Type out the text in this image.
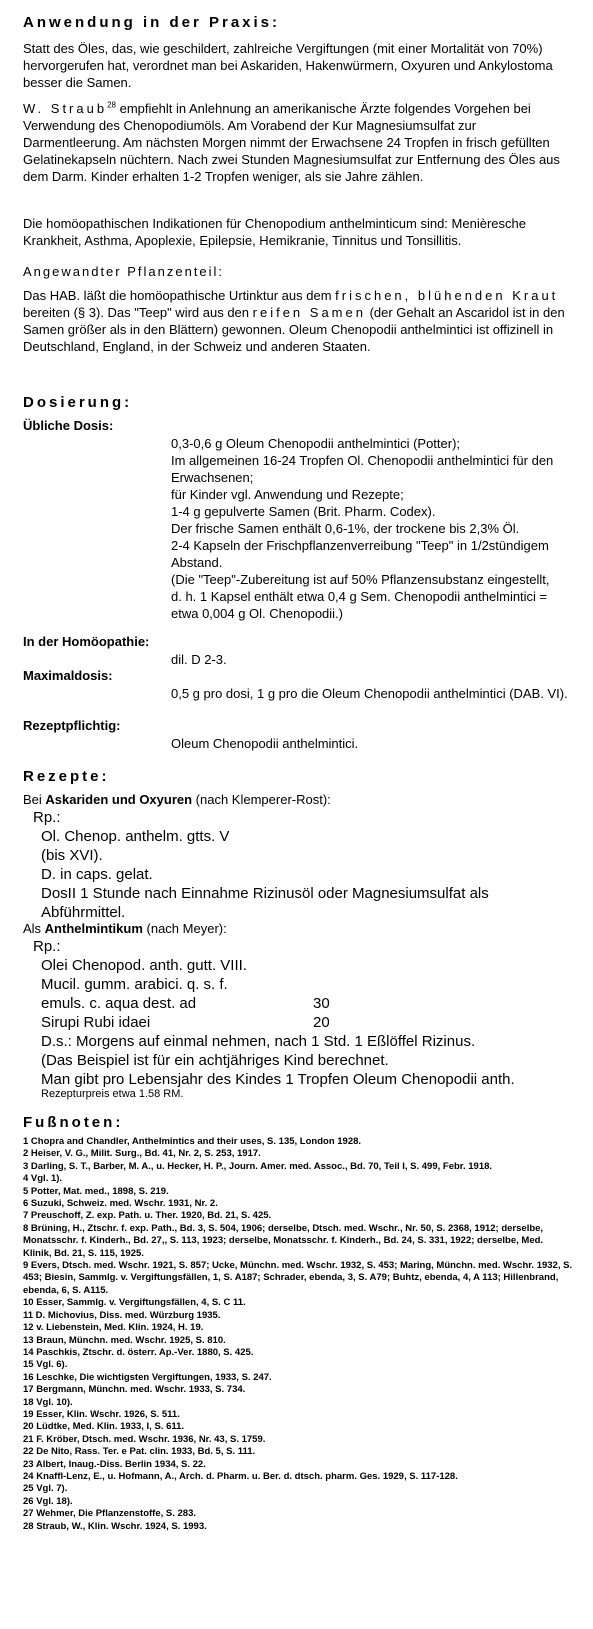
Anwendung in der Praxis:
Statt des Öles, das, wie geschildert, zahlreiche Vergiftungen (mit einer Mortalität von 70%) hervorgerufen hat, verordnet man bei Askariden, Hakenwürmern, Oxyuren und Ankylostoma besser die Samen.
W. Straub$^{28}$ empfiehlt in Anlehnung an amerikanische Ärzte folgendes Vorgehen bei Verwendung des Chenopodiumöls. Am Vorabend der Kur Magnesiumsulfat zur Darmentleerung. Am nächsten Morgen nimmt der Erwachsene 24 Tropfen in frisch gefüllten Gelatinekapseln nüchtern. Nach zwei Stunden Magnesiumsulfat zur Entfernung des Öles aus dem Darm. Kinder erhalten 1-2 Tropfen weniger, als sie Jahre zählen.
Die homöopathischen Indikationen für Chenopodium anthelminticum sind: Menièresche Krankheit, Asthma, Apoplexie, Epilepsie, Hemikranie, Tinnitus und Tonsillitis.
Angewandter Pflanzenteil:
Das HAB. läßt die homöopathische Urtinktur aus dem frischen, blühenden Kraut bereiten (§ 3). Das "Teep" wird aus den reifen Samen (der Gehalt an Ascaridol ist in den Samen größer als in den Blättern) gewonnen. Oleum Chenopodii anthelmintici ist offizinell in Deutschland, England, in der Schweiz und anderen Staaten.
Dosierung:
Übliche Dosis:
0,3-0,6 g Oleum Chenopodii anthelmintici (Potter);
Im allgemeinen 16-24 Tropfen Ol. Chenopodii anthelmintici für den Erwachsenen;
für Kinder vgl. Anwendung und Rezepte;
1-4 g gepulverte Samen (Brit. Pharm. Codex).
Der frische Samen enthält 0,6-1%, der trockene bis 2,3% Öl.
2-4 Kapseln der Frischpflanzenverreibung "Teep" in 1/2stündigem Abstand.
(Die "Teep"-Zubereitung ist auf 50% Pflanzensubstanz eingestellt,
d. h. 1 Kapsel enthält etwa 0,4 g Sem. Chenopodii anthelmintici = etwa 0,004 g Ol. Chenopodii.)
In der Homöopathie:
dil. D 2-3.
Maximaldosis:
0,5 g pro dosi, 1 g pro die Oleum Chenopodii anthelmintici (DAB. VI).
Rezeptpflichtig:
Oleum Chenopodii anthelmintici.
Rezepte:
Bei Askariden und Oxyuren (nach Klemperer-Rost):
Rp.:
Ol. Chenop. anthelm. gtts. V
(bis XVI).
D. in caps. gelat.
DosII 1 Stunde nach Einnahme Rizinusöl oder Magnesiumsulfat als
Abführmittel.
Als Anthelmintikum (nach Meyer):
Rp.:
Olei Chenopod. anth. gutt. VIII.
Mucil. gumm. arabici. q. s. f.
emuls. c. aqua dest. ad	30
Sirupi Rubi idaei	20
D.s.: Morgens auf einmal nehmen, nach 1 Std. 1 Eßlöffel Rizinus.
(Das Beispiel ist für ein achtjähriges Kind berechnet.
Man gibt pro Lebensjahr des Kindes 1 Tropfen Oleum Chenopodii anth.
Rezepturpreis etwa 1.58 RM.
Fußnoten:
1 Chopra and Chandler, Anthelmintics and their uses, S. 135, London 1928.
2 Heiser, V. G., Milit. Surg., Bd. 41, Nr. 2, S. 253, 1917.
3 Darling, S. T., Barber, M. A., u. Hecker, H. P., Journ. Amer. med. Assoc., Bd. 70, Teil I, S. 499, Febr. 1918.
4 Vgl. 1).
5 Potter, Mat. med., 1898, S. 219.
6 Suzuki, Schweiz. med. Wschr. 1931, Nr. 2.
7 Preuschoff, Z. exp. Path. u. Ther. 1920, Bd. 21, S. 425.
8 Brüning, H., Ztschr. f. exp. Path., Bd. 3, S. 504, 1906; derselbe, Dtsch. med. Wschr., Nr. 50, S. 2368, 1912; derselbe, Monatsschr. f. Kinderh., Bd. 27,, S. 113, 1923; derselbe, Monatsschr. f. Kinderh., Bd. 24, S. 331, 1922; derselbe, Med. Klinik, Bd. 21, S. 115, 1925.
9 Evers, Dtsch. med. Wschr. 1921, S. 857; Ucke, Münchn. med. Wschr. 1932, S. 453; Maring, Münchn. med. Wschr. 1932, S. 453; Biesin, Sammlg. v. Vergiftungsfällen, 1, S. A187; Schrader, ebenda, 3, S. A79; Buhtz, ebenda, 4, A 113; Hillenbrand, ebenda, 6, S. A115.
10 Esser, Sammlg. v. Vergiftungsfällen, 4, S. C 11.
11 D. Michovius, Diss. med. Würzburg 1935.
12 v. Liebenstein, Med. Klin. 1924, H. 19.
13 Braun, Münchn. med. Wschr. 1925, S. 810.
14 Paschkis, Ztschr. d. österr. Ap.-Ver. 1880, S. 425.
15 Vgl. 6).
16 Leschke, Die wichtigsten Vergiftungen, 1933, S. 247.
17 Bergmann, Münchn. med. Wschr. 1933, S. 734.
18 Vgl. 10).
19 Esser, Klin. Wschr. 1926, S. 511.
20 Lüdtke, Med. Klin. 1933, I, S. 611.
21 F. Kröber, Dtsch. med. Wschr. 1936, Nr. 43, S. 1759.
22 De Nito, Rass. Ter. e Pat. clin. 1933, Bd. 5, S. 111.
23 Albert, Inaug.-Diss. Berlin 1934, S. 22.
24 Knaffl-Lenz, E., u. Hofmann, A., Arch. d. Pharm. u. Ber. d. dtsch. pharm. Ges. 1929, S. 117-128.
25 Vgl. 7).
26 Vgl. 18).
27 Wehmer, Die Pflanzenstoffe, S. 283.
28 Straub, W., Klin. Wschr. 1924, S. 1993.
